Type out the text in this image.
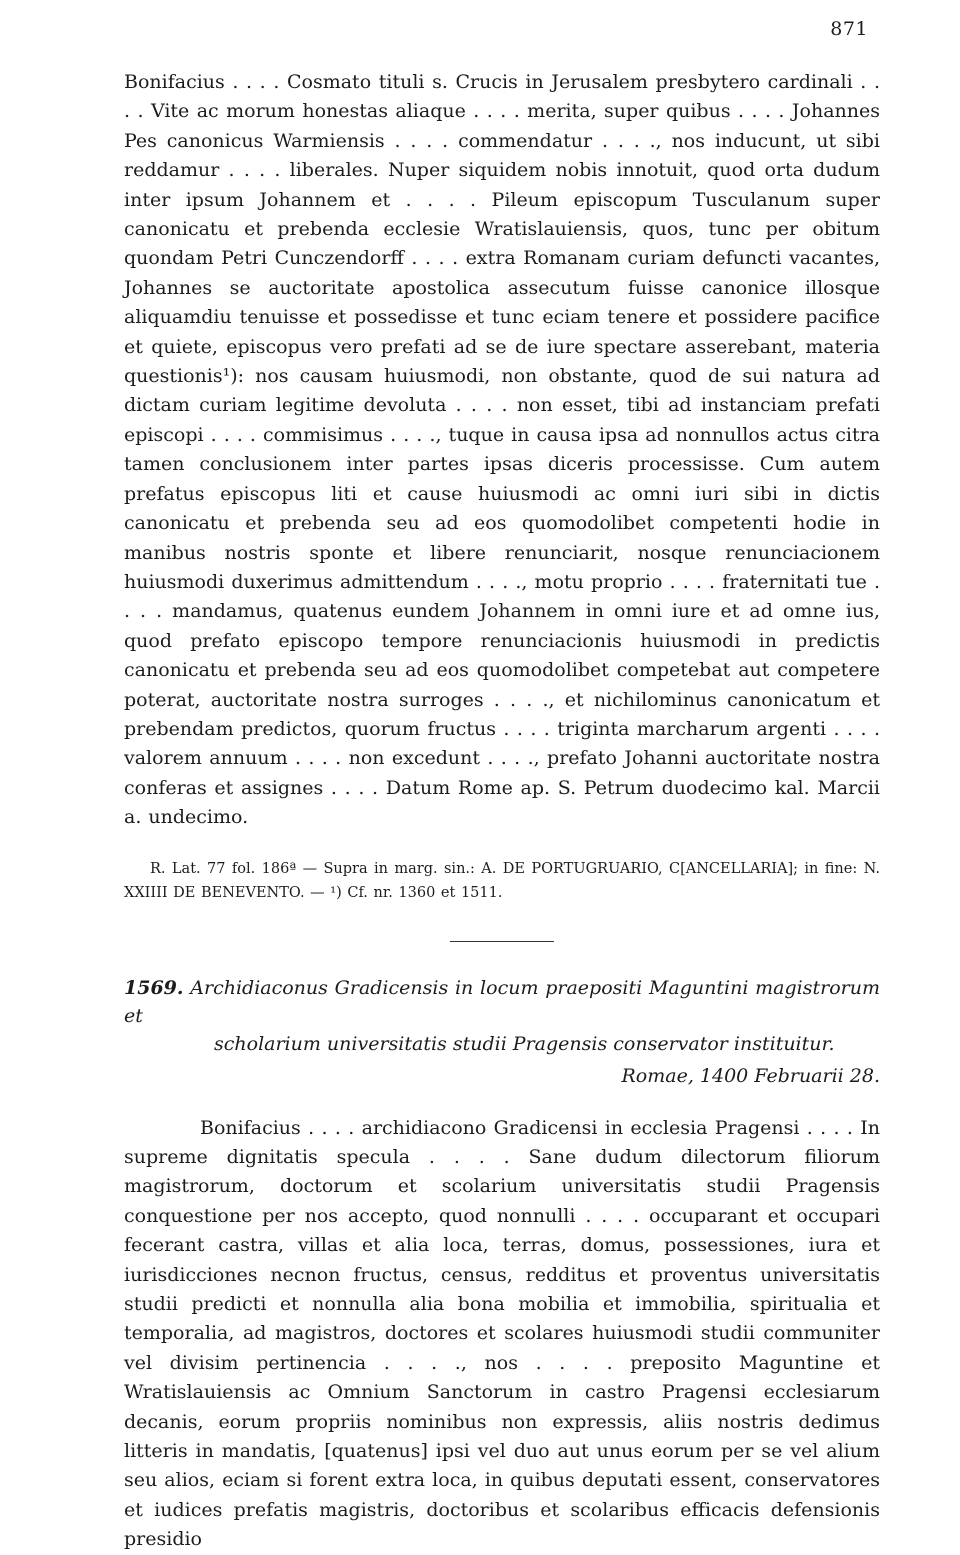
871

Bonifacius . . . . Cosmato tituli s. Crucis in Jerusalem presbytero cardinali . . . . Vite ac morum honestas aliaque . . . . merita, super quibus . . . . Johannes Pes canonicus Warmiensis . . . . commendatur . . . ., nos inducunt, ut sibi reddamur . . . . liberales. Nuper siquidem nobis innotuit, quod orta dudum inter ipsum Johannem et . . . . Pileum episcopum Tusculanum super canonicatu et prebenda ecclesie Wratislauiensis, quos, tunc per obitum quondam Petri Cunczendorff . . . . extra Romanam curiam defuncti vacantes, Johannes se auctoritate apostolica assecutum fuisse canonice illosque aliquamdiu tenuisse et possedisse et tunc eciam tenere et possidere pacifice et quiete, episcopus vero prefati ad se de iure spectare asserebant, materia questionis¹): nos causam huiusmodi, non obstante, quod de sui natura ad dictam curiam legitime devoluta . . . . non esset, tibi ad instanciam prefati episcopi . . . . commisimus . . . ., tuque in causa ipsa ad nonnullos actus citra tamen conclusionem inter partes ipsas diceris processisse. Cum autem prefatus episcopus liti et cause huiusmodi ac omni iuri sibi in dictis canonicatu et prebenda seu ad eos quomodolibet competenti hodie in manibus nostris sponte et libere renunciarit, nosque renunciacionem huiusmodi duxerimus admittendum . . . ., motu proprio . . . . fraternitati tue . . . . mandamus, quatenus eundem Johannem in omni iure et ad omne ius, quod prefato episcopo tempore renunciacionis huiusmodi in predictis canonicatu et prebenda seu ad eos quomodolibet competebat aut competere poterat, auctoritate nostra surroges . . . ., et nichilominus canonicatum et prebendam predictos, quorum fructus . . . . triginta marcharum argenti . . . . valorem annuum . . . . non excedunt . . . ., prefato Johanni auctoritate nostra conferas et assignes . . . . Datum Rome ap. S. Petrum duodecimo kal. Marcii a. undecimo.

R. Lat. 77 fol. 186ª — Supra in marg. sin.: A. DE PORTUGRUARIO, C[ANCELLARIA]; in fine: N. XXIIII DE BENEVENTO. — ¹) Cf. nr. 1360 et 1511.

1569. Archidiaconus Gradicensis in locum praepositi Maguntini magistrorum et
scholarium universitatis studii Pragensis conservator instituitur.
Romae, 1400 Februarii 28.

Bonifacius . . . . archidiacono Gradicensi in ecclesia Pragensi . . . . In supreme dignitatis specula . . . . Sane dudum dilectorum filiorum magistrorum, doctorum et scolarium universitatis studii Pragensis conquestione per nos accepto, quod nonnulli . . . . occuparant et occupari fecerant castra, villas et alia loca, terras, domus, possessiones, iura et iurisdicciones necnon fructus, census, redditus et proventus universitatis studii predicti et nonnulla alia bona mobilia et immobilia, spiritualia et temporalia, ad magistros, doctores et scolares huiusmodi studii communiter vel divisim pertinencia . . . ., nos . . . . preposito Maguntine et Wratislauiensis ac Omnium Sanctorum in castro Pragensi ecclesiarum decanis, eorum propriis nominibus non expressis, aliis nostris dedimus litteris in mandatis, [quatenus] ipsi vel duo aut unus eorum per se vel alium seu alios, eciam si forent extra loca, in quibus deputati essent, conservatores et iudices prefatis magistris, doctoribus et scolaribus efficacis defensionis presidio
